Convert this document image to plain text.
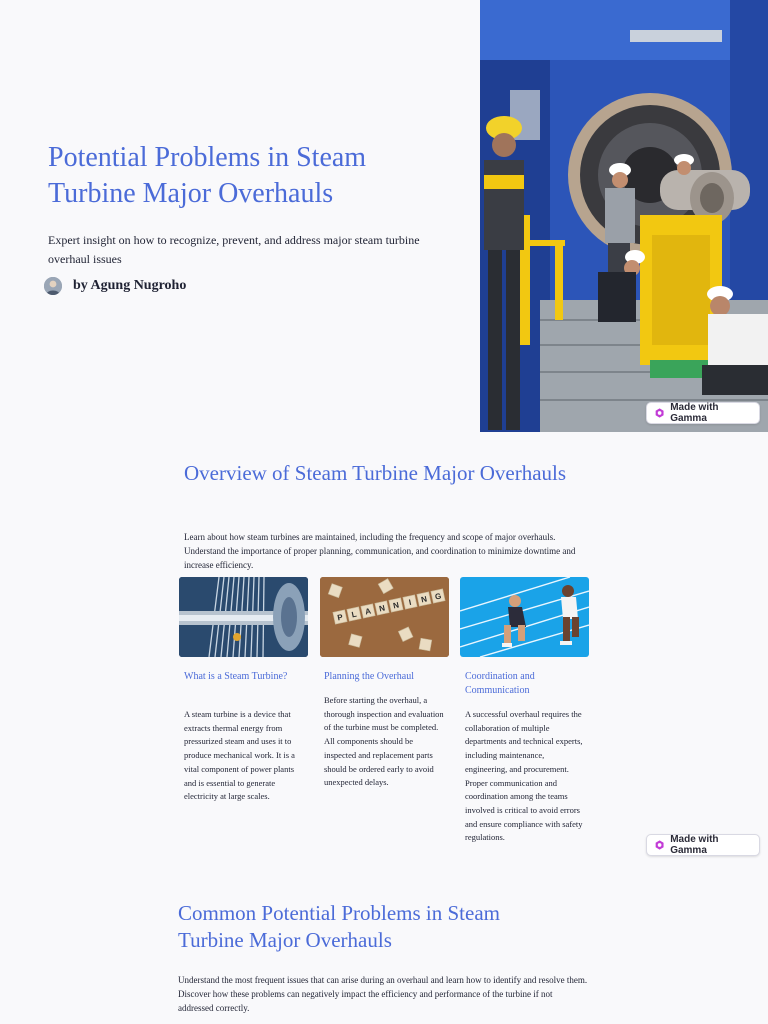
Potential Problems in Steam Turbine Major Overhauls

Expert insight on how to recognize, prevent, and address major steam turbine overhaul issues

by Agung Nugroho
Made with Gamma
Overview of Steam Turbine Major Overhauls

Learn about how steam turbines are maintained, including the frequency and scope of major overhauls. Understand the importance of proper planning, communication, and coordination to minimize downtime and increase efficiency.

P L A N N I N G
What is a Steam Turbine?

A steam turbine is a device that extracts thermal energy from pressurized steam and uses it to produce mechanical work. It is a vital component of power plants and is essential to generate electricity at large scales.

Planning the Overhaul

Before starting the overhaul, a thorough inspection and evaluation of the turbine must be completed. All components should be inspected and replacement parts should be ordered early to avoid unexpected delays.

Coordination and Communication

A successful overhaul requires the collaboration of multiple departments and technical experts, including maintenance, engineering, and procurement. Proper communication and coordination among the teams involved is critical to avoid errors and ensure compliance with safety regulations.	Made with Gamma
Common Potential Problems in Steam Turbine Major Overhauls

Understand the most frequent issues that can arise during an overhaul and learn how to identify and resolve them. Discover how these problems can negatively impact the efficiency and performance of the turbine if not addressed correctly.
